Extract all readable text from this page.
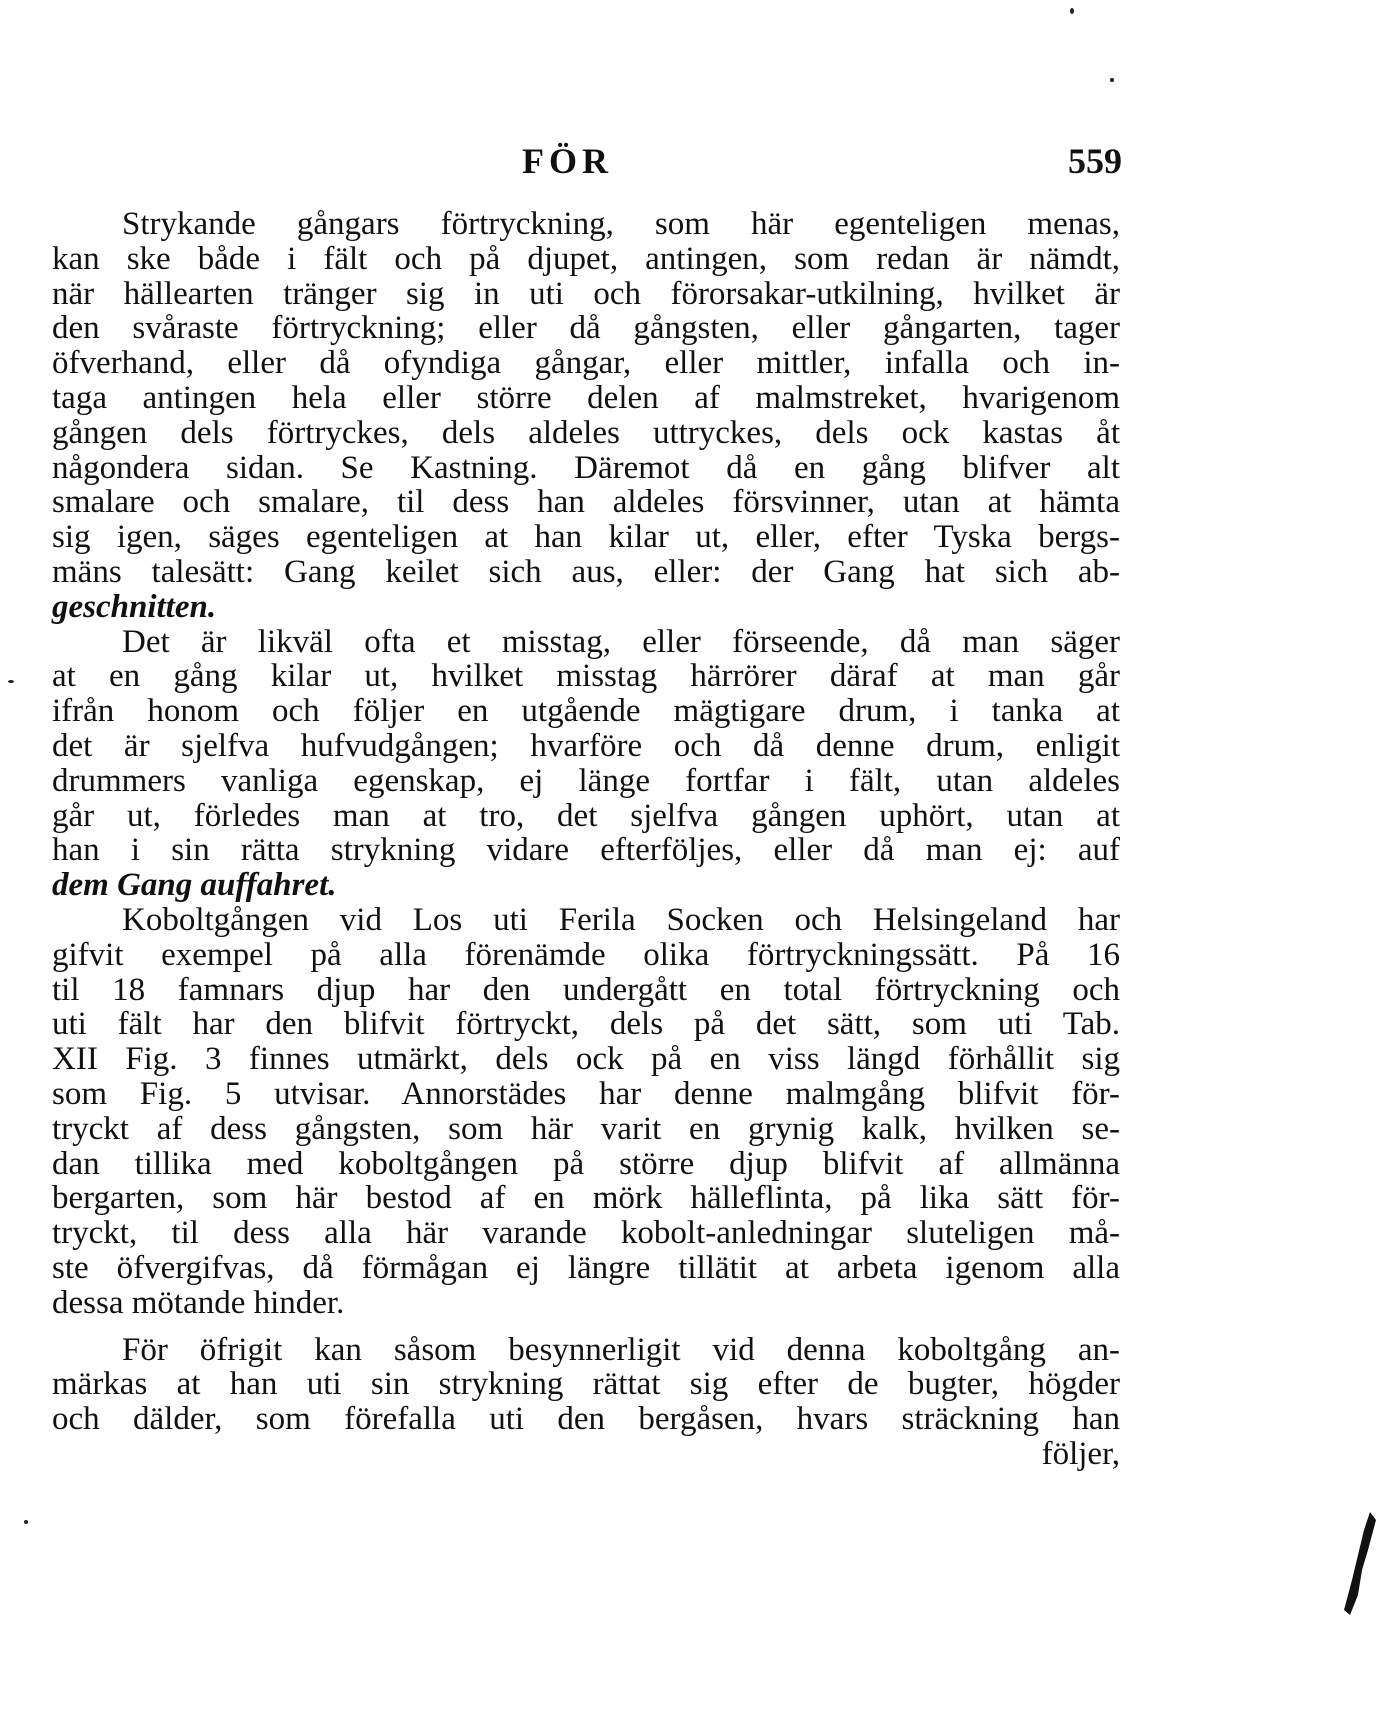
FÖR	559
Strykande gångars förtryckning, som här egenteligen menas,
kan ske både i fält och på djupet, antingen, som redan är nämdt,
när hällearten tränger sig in uti och förorsakar-utkilning, hvilket är
den svåraste förtryckning; eller då gångsten, eller gångarten, tager
öfverhand, eller då ofyndiga gångar, eller mittler, infalla och in-
taga antingen hela eller större delen af malmstreket, hvarigenom
gången dels förtryckes, dels aldeles uttryckes, dels ock kastas åt
någondera sidan. Se Kastning. Däremot då en gång blifver alt
smalare och smalare, til dess han aldeles försvinner, utan at hämta
sig igen, säges egenteligen at han kilar ut, eller, efter Tyska bergs-
mäns talesätt: Gang keilet sich aus, eller: der Gang hat sich ab-
geschnitten.
Det är likväl ofta et misstag, eller förseende, då man säger
at en gång kilar ut, hvilket misstag härrörer däraf at man går
ifrån honom och följer en utgående mägtigare drum, i tanka at
det är sjelfva hufvudgången; hvarföre och då denne drum, enligit
drummers vanliga egenskap, ej länge fortfar i fält, utan aldeles
går ut, förledes man at tro, det sjelfva gången uphört, utan at
han i sin rätta strykning vidare efterföljes, eller då man ej: auf
dem Gang auffahret.
Koboltgången vid Los uti Ferila Socken och Helsingeland har
gifvit exempel på alla förenämde olika förtryckningssätt. På 16
til 18 famnars djup har den undergått en total förtryckning och
uti fält har den blifvit förtryckt, dels på det sätt, som uti Tab.
XII Fig. 3 finnes utmärkt, dels ock på en viss längd förhållit sig
som Fig. 5 utvisar. Annorstädes har denne malmgång blifvit för-
tryckt af dess gångsten, som här varit en grynig kalk, hvilken se-
dan tillika med koboltgången på större djup blifvit af allmänna
bergarten, som här bestod af en mörk hälleflinta, på lika sätt för-
tryckt, til dess alla här varande kobolt-anledningar sluteligen må-
ste öfvergifvas, då förmågan ej längre tillätit at arbeta igenom alla
dessa mötande hinder.
För öfrigit kan såsom besynnerligit vid denna koboltgång an-
märkas at han uti sin strykning rättat sig efter de bugter, högder
och dälder, som förefalla uti den bergåsen, hvars sträckning han
följer,
